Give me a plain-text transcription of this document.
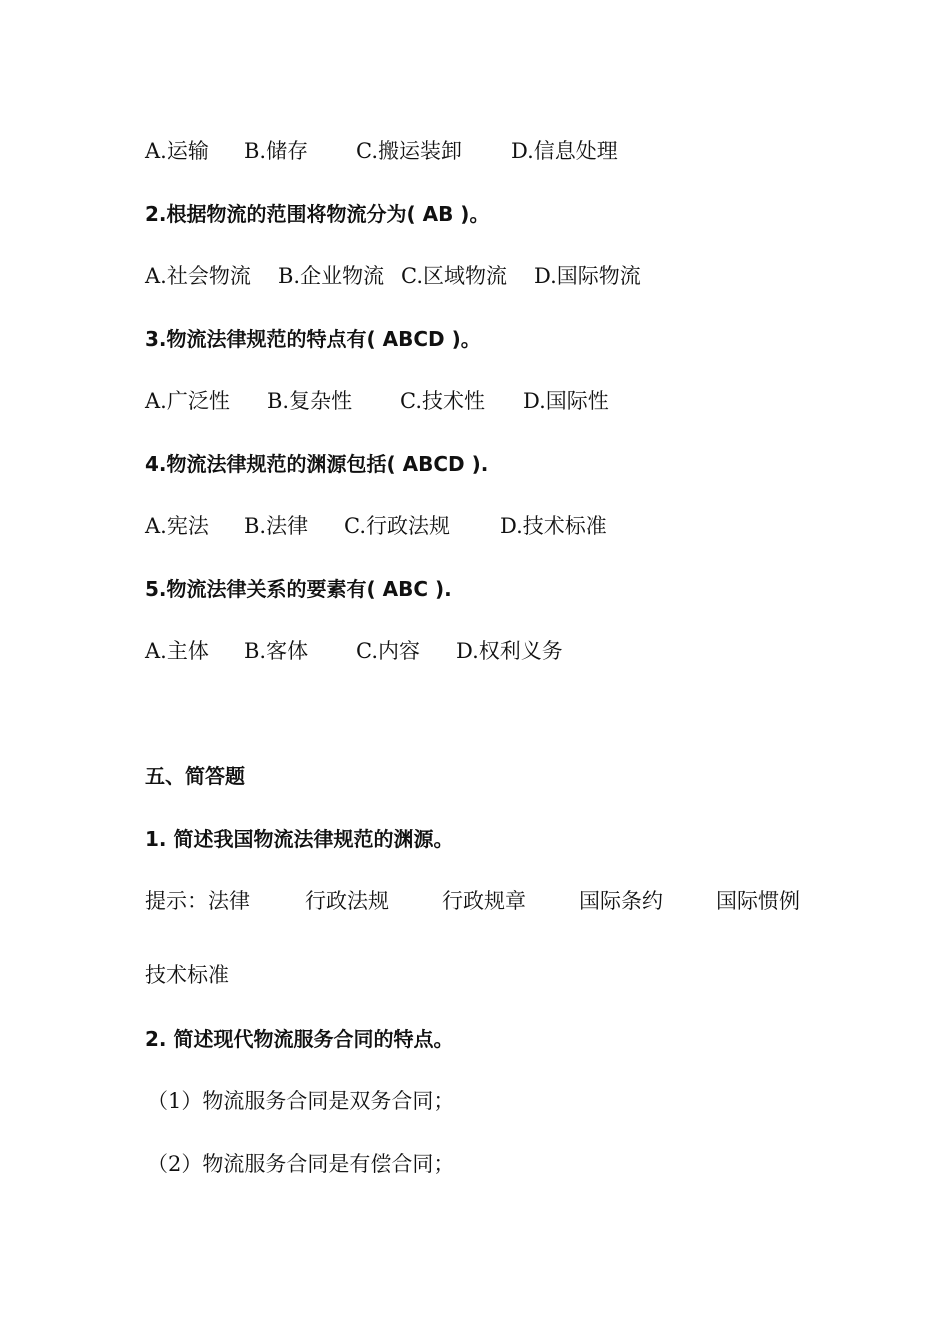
A.运输 B.储存 C.搬运装卸 D.信息处理
2.根据物流的范围将物流分为( AB )。
A.社会物流 B.企业物流 C.区域物流 D.国际物流
3.物流法律规范的特点有( ABCD )。
A.广泛性 B.复杂性 C.技术性 D.国际性
4.物流法律规范的渊源包括( ABCD ).
A.宪法 B.法律 C.行政法规 D.技术标准
5.物流法律关系的要素有( ABC ).
A.主体 B.客体 C.内容 D.权利义务
五、简答题
1. 简述我国物流法律规范的渊源。
提示：法律	行政法规	行政规章	国际条约	国际惯例
技术标准
2. 简述现代物流服务合同的特点。
（1）物流服务合同是双务合同；
（2）物流服务合同是有偿合同；
